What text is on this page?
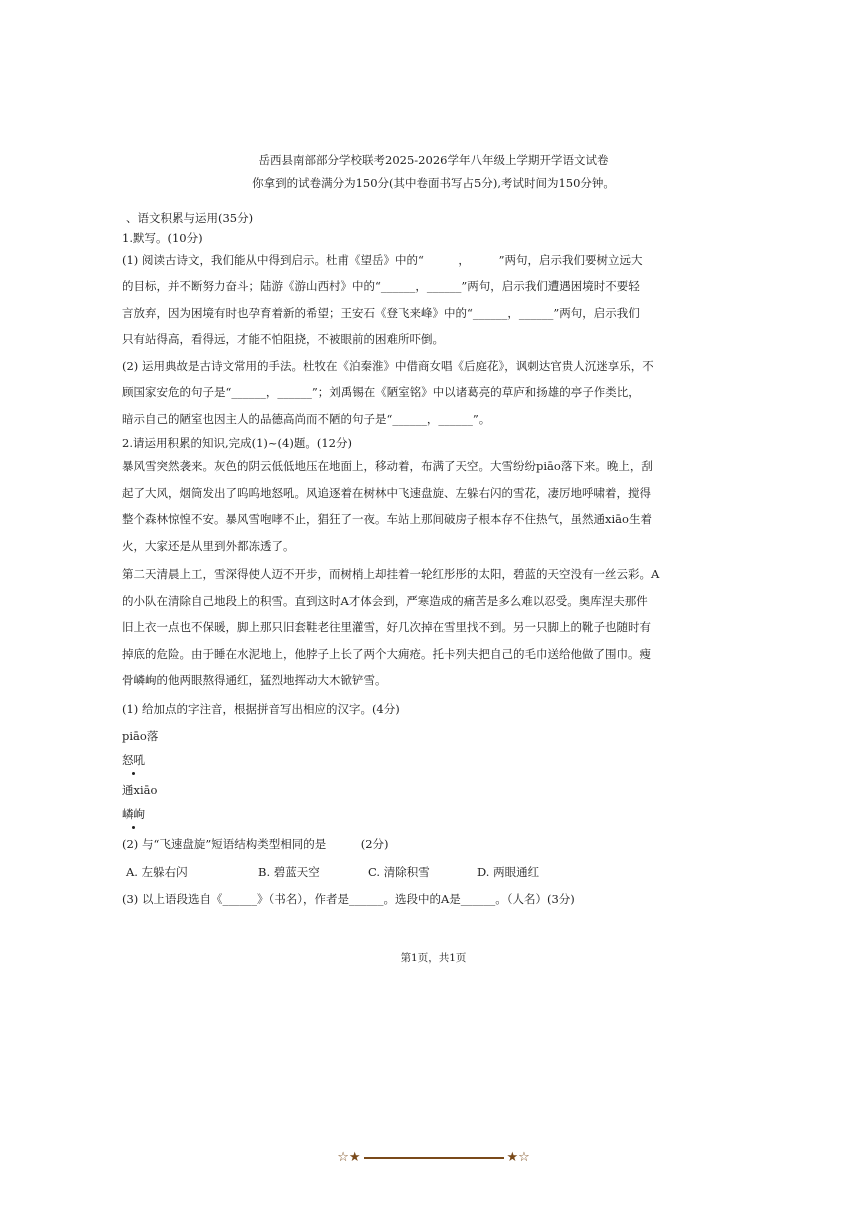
岳西县南部部分学校联考2025-2026学年八年级上学期开学语文试卷
你拿到的试卷满分为150分(其中卷面书写占5分),考试时间为150分钟。
、语文积累与运用(35分)
1.默写。(10分)
(1) 阅读古诗文，我们能从中得到启示。杜甫《望岳》中的“　　　，　　　”两句，启示我们要树立远大
的目标，并不断努力奋斗；陆游《游山西村》中的“______，______”两句，启示我们遭遇困境时不要轻
言放弃，因为困境有时也孕育着新的希望；王安石《登飞来峰》中的“______，______”两句，启示我们
只有站得高，看得远，才能不怕阻挠，不被眼前的困难所吓倒。
(2) 运用典故是古诗文常用的手法。杜牧在《泊秦淮》中借商女唱《后庭花》，讽刺达官贵人沉迷享乐，不
顾国家安危的句子是“______，______”；刘禹锡在《陋室铭》中以诸葛亮的草庐和扬雄的亭子作类比，
暗示自己的陋室也因主人的品德高尚而不陋的句子是“______，______”。
2.请运用积累的知识,完成(1)~(4)题。(12分)
暴风雪突然袭来。灰色的阴云低低地压在地面上，移动着，布满了天空。大雪纷纷piāo落下来。晚上，刮
起了大风，烟筒发出了呜呜地怒吼。风追逐着在树林中飞速盘旋、左躲右闪的雪花，凄厉地呼啸着，搅得
整个森林惊惶不安。暴风雪咆哮不止，猖狂了一夜。车站上那间破房子根本存不住热气，虽然通xiāo生着
火，大家还是从里到外都冻透了。
第二天清晨上工，雪深得使人迈不开步，而树梢上却挂着一轮红彤彤的太阳，碧蓝的天空没有一丝云彩。A
的小队在清除自己地段上的积雪。直到这时A才体会到，严寒造成的痛苦是多么难以忍受。奥库涅夫那件
旧上衣一点也不保暖，脚上那只旧套鞋老往里灌雪，好几次掉在雪里找不到。另一只脚上的靴子也随时有
掉底的危险。由于睡在水泥地上，他脖子上长了两个大痈疮。托卡列夫把自己的毛巾送给他做了围巾。瘦
骨嶙峋的他两眼熬得通红，猛烈地挥动大木锨铲雪。
(1) 给加点的字注音，根据拼音写出相应的汉字。(4分)
piāo落
怒吼
通xiāo
嶙峋
(2) 与“飞速盘旋”短语结构类型相同的是　　　(2分)
A. 左躲右闪	B. 碧蓝天空	C. 清除积雪	D. 两眼通红
(3) 以上语段选自《______》（书名），作者是______。选段中的A是______。（人名）(3分)
第1页，共1页
☆★	★☆
